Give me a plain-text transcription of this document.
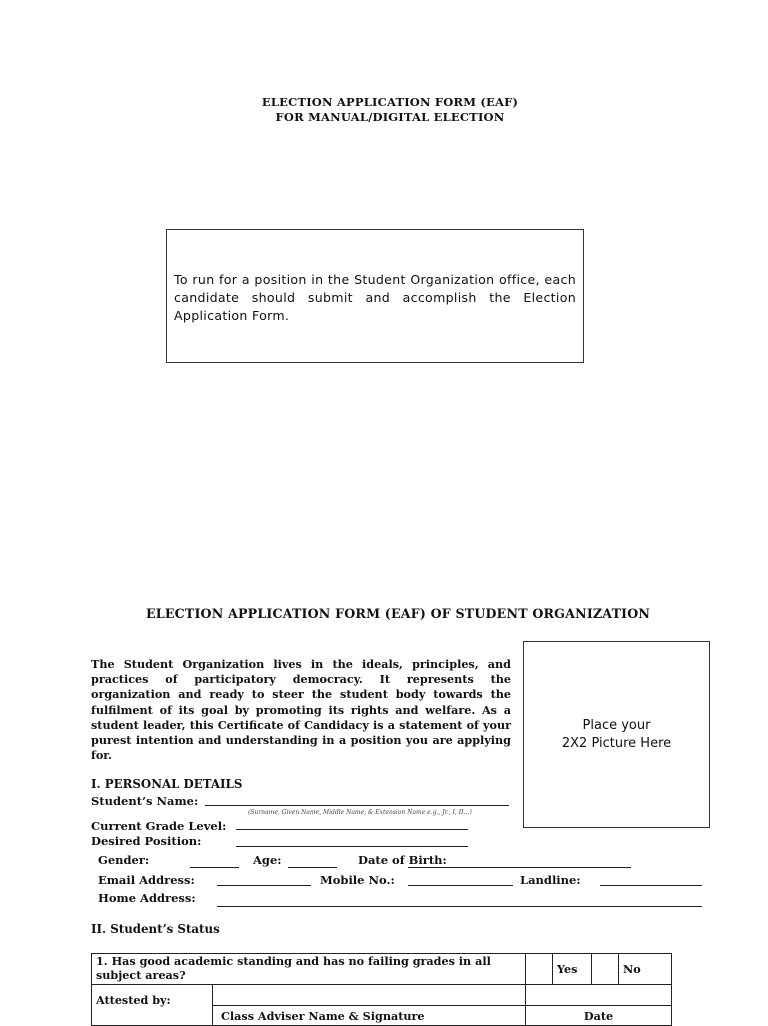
ELECTION APPLICATION FORM (EAF)
FOR MANUAL/DIGITAL ELECTION
To run for a position in the Student Organization office, each candidate should submit and accomplish the Election Application Form.
ELECTION APPLICATION FORM (EAF) OF STUDENT ORGANIZATION
The Student Organization lives in the ideals, principles, and practices of participatory democracy. It represents the organization and ready to steer the student body towards the fulfilment of its goal by promoting its rights and welfare. As a student leader, this Certificate of Candidacy is a statement of your purest intention and understanding in a position you are applying for.
Place your
2X2 Picture Here
I. PERSONAL DETAILS
Student’s Name:
(Surname, Given Name, Middle Name, & Extension Name e.g., Jr., I, II…)
Current Grade Level:
Desired Position:
Gender:	Age:	Date of Birth:
Email Address:	Mobile No.:	Landline:
Home Address:
II. Student’s Status
1. Has good academic standing and has no failing grades in all subject areas?		Yes		No

Attested by:
Class Adviser Name & Signature	Date			
